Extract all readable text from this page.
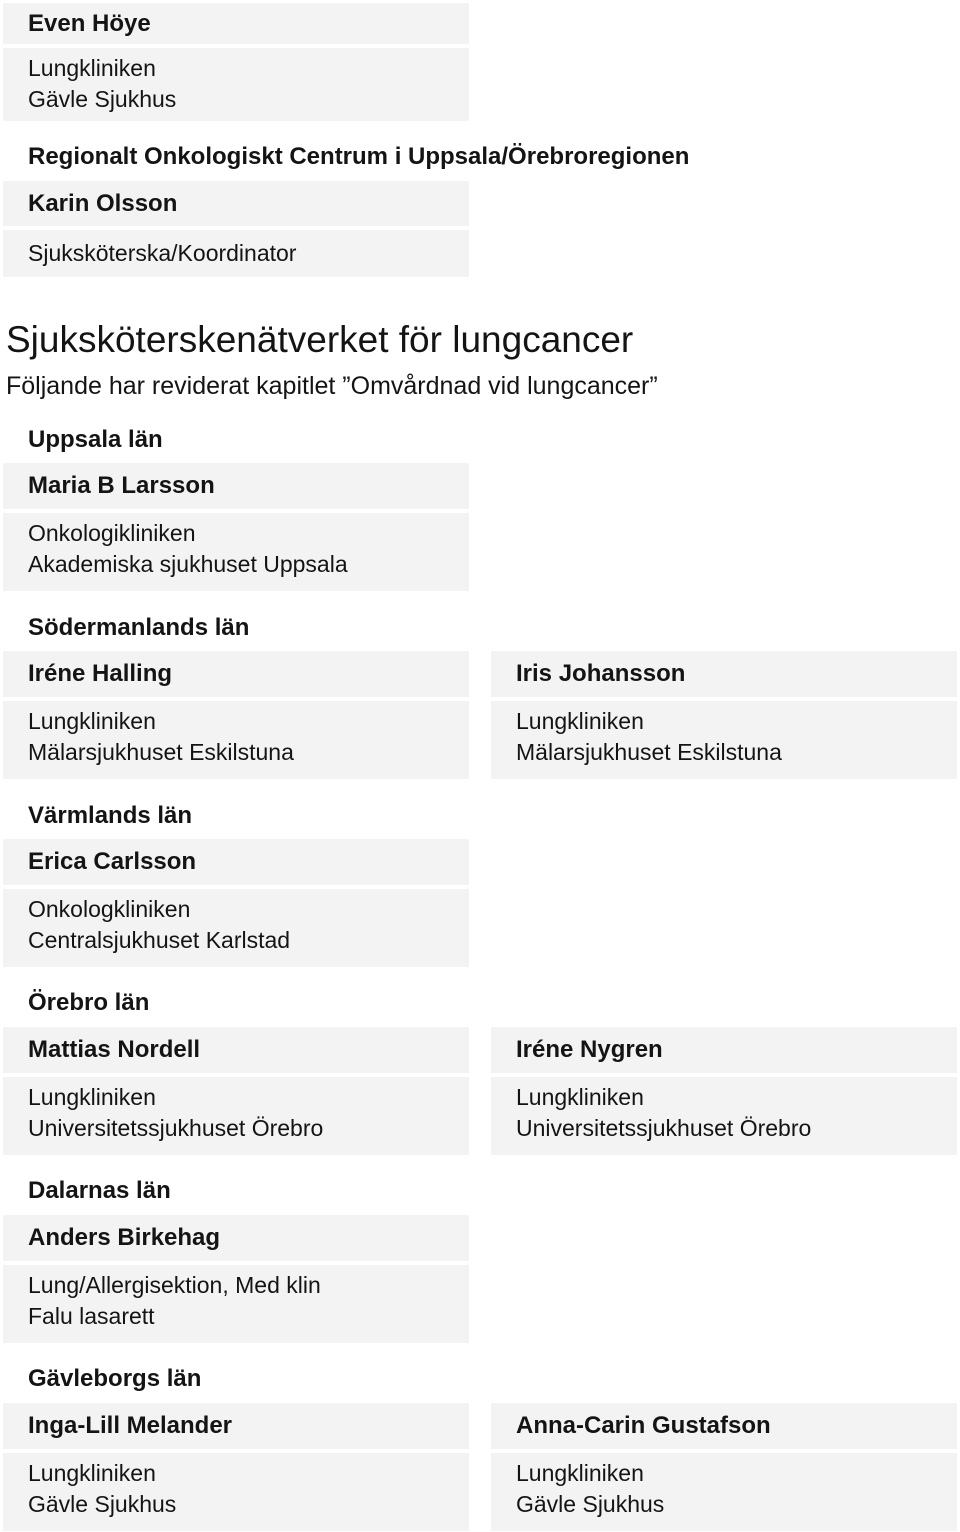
Even Höye
Lungkliniken
Gävle Sjukhus
Regionalt Onkologiskt Centrum i Uppsala/Örebroregionen
Karin Olsson
Sjuksköterska/Koordinator
Sjuksköterskenätverket för lungcancer
Följande har reviderat kapitlet ”Omvårdnad vid lungcancer”
Uppsala län
Maria B Larsson
Onkologikliniken
Akademiska sjukhuset Uppsala
Södermanlands län
Iréne Halling
Lungkliniken
Mälarsjukhuset Eskilstuna
Iris Johansson
Lungkliniken
Mälarsjukhuset Eskilstuna
Värmlands län
Erica Carlsson
Onkologkliniken
Centralsjukhuset Karlstad
Örebro län
Mattias Nordell
Lungkliniken
Universitetssjukhuset Örebro
Iréne Nygren
Lungkliniken
Universitetssjukhuset Örebro
Dalarnas län
Anders Birkehag
Lung/Allergisektion, Med klin
Falu lasarett
Gävleborgs län
Inga-Lill Melander
Lungkliniken
Gävle Sjukhus
Anna-Carin Gustafson
Lungkliniken
Gävle Sjukhus
